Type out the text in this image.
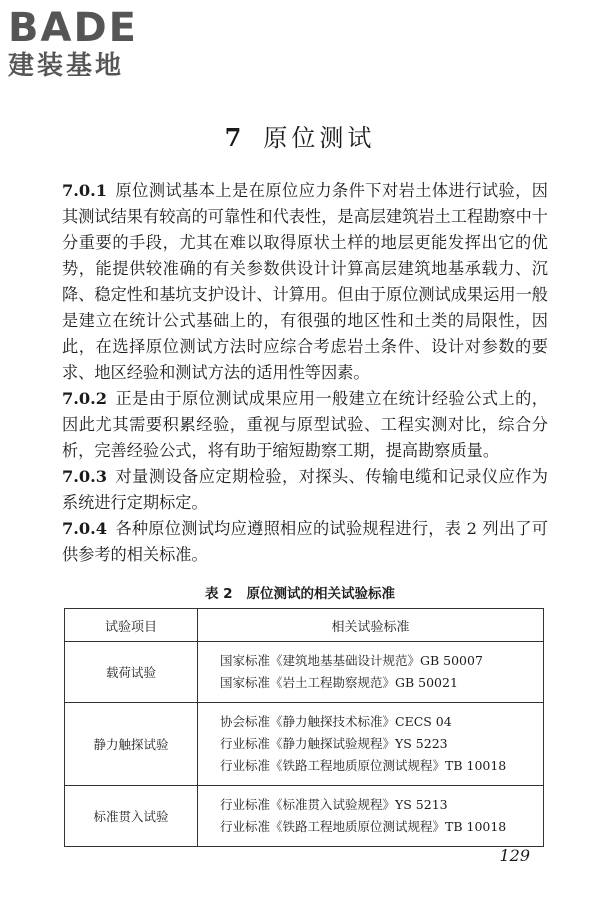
BADE
建装基地
7 原位测试

7.0.1 原位测试基本上是在原位应力条件下对岩土体进行试验，因其测试结果有较高的可靠性和代表性，是高层建筑岩土工程勘察中十分重要的手段，尤其在难以取得原状土样的地层更能发挥出它的优势，能提供较准确的有关参数供设计计算高层建筑地基承载力、沉降、稳定性和基坑支护设计、计算用。但由于原位测试成果运用一般是建立在统计公式基础上的，有很强的地区性和土类的局限性，因此，在选择原位测试方法时应综合考虑岩土条件、设计对参数的要求、地区经验和测试方法的适用性等因素。

7.0.2 正是由于原位测试成果应用一般建立在统计经验公式上的，因此尤其需要积累经验，重视与原型试验、工程实测对比，综合分析，完善经验公式，将有助于缩短勘察工期，提高勘察质量。

7.0.3 对量测设备应定期检验，对探头、传输电缆和记录仪应作为系统进行定期标定。

7.0.4 各种原位测试均应遵照相应的试验规程进行，表 2 列出了可供参考的相关标准。

表 2 原位测试的相关试验标准
试验项目	相关试验标准
载荷试验	国家标准《建筑地基基础设计规范》GB 50007
国家标准《岩土工程勘察规范》GB 50021

静力触探试验	协会标准《静力触探技术标准》CECS 04
行业标准《静力触探试验规程》YS 5223
行业标准《铁路工程地质原位测试规程》TB 10018

标准贯入试验	行业标准《标准贯入试验规程》YS 5213
行业标准《铁路工程地质原位测试规程》TB 10018
129
